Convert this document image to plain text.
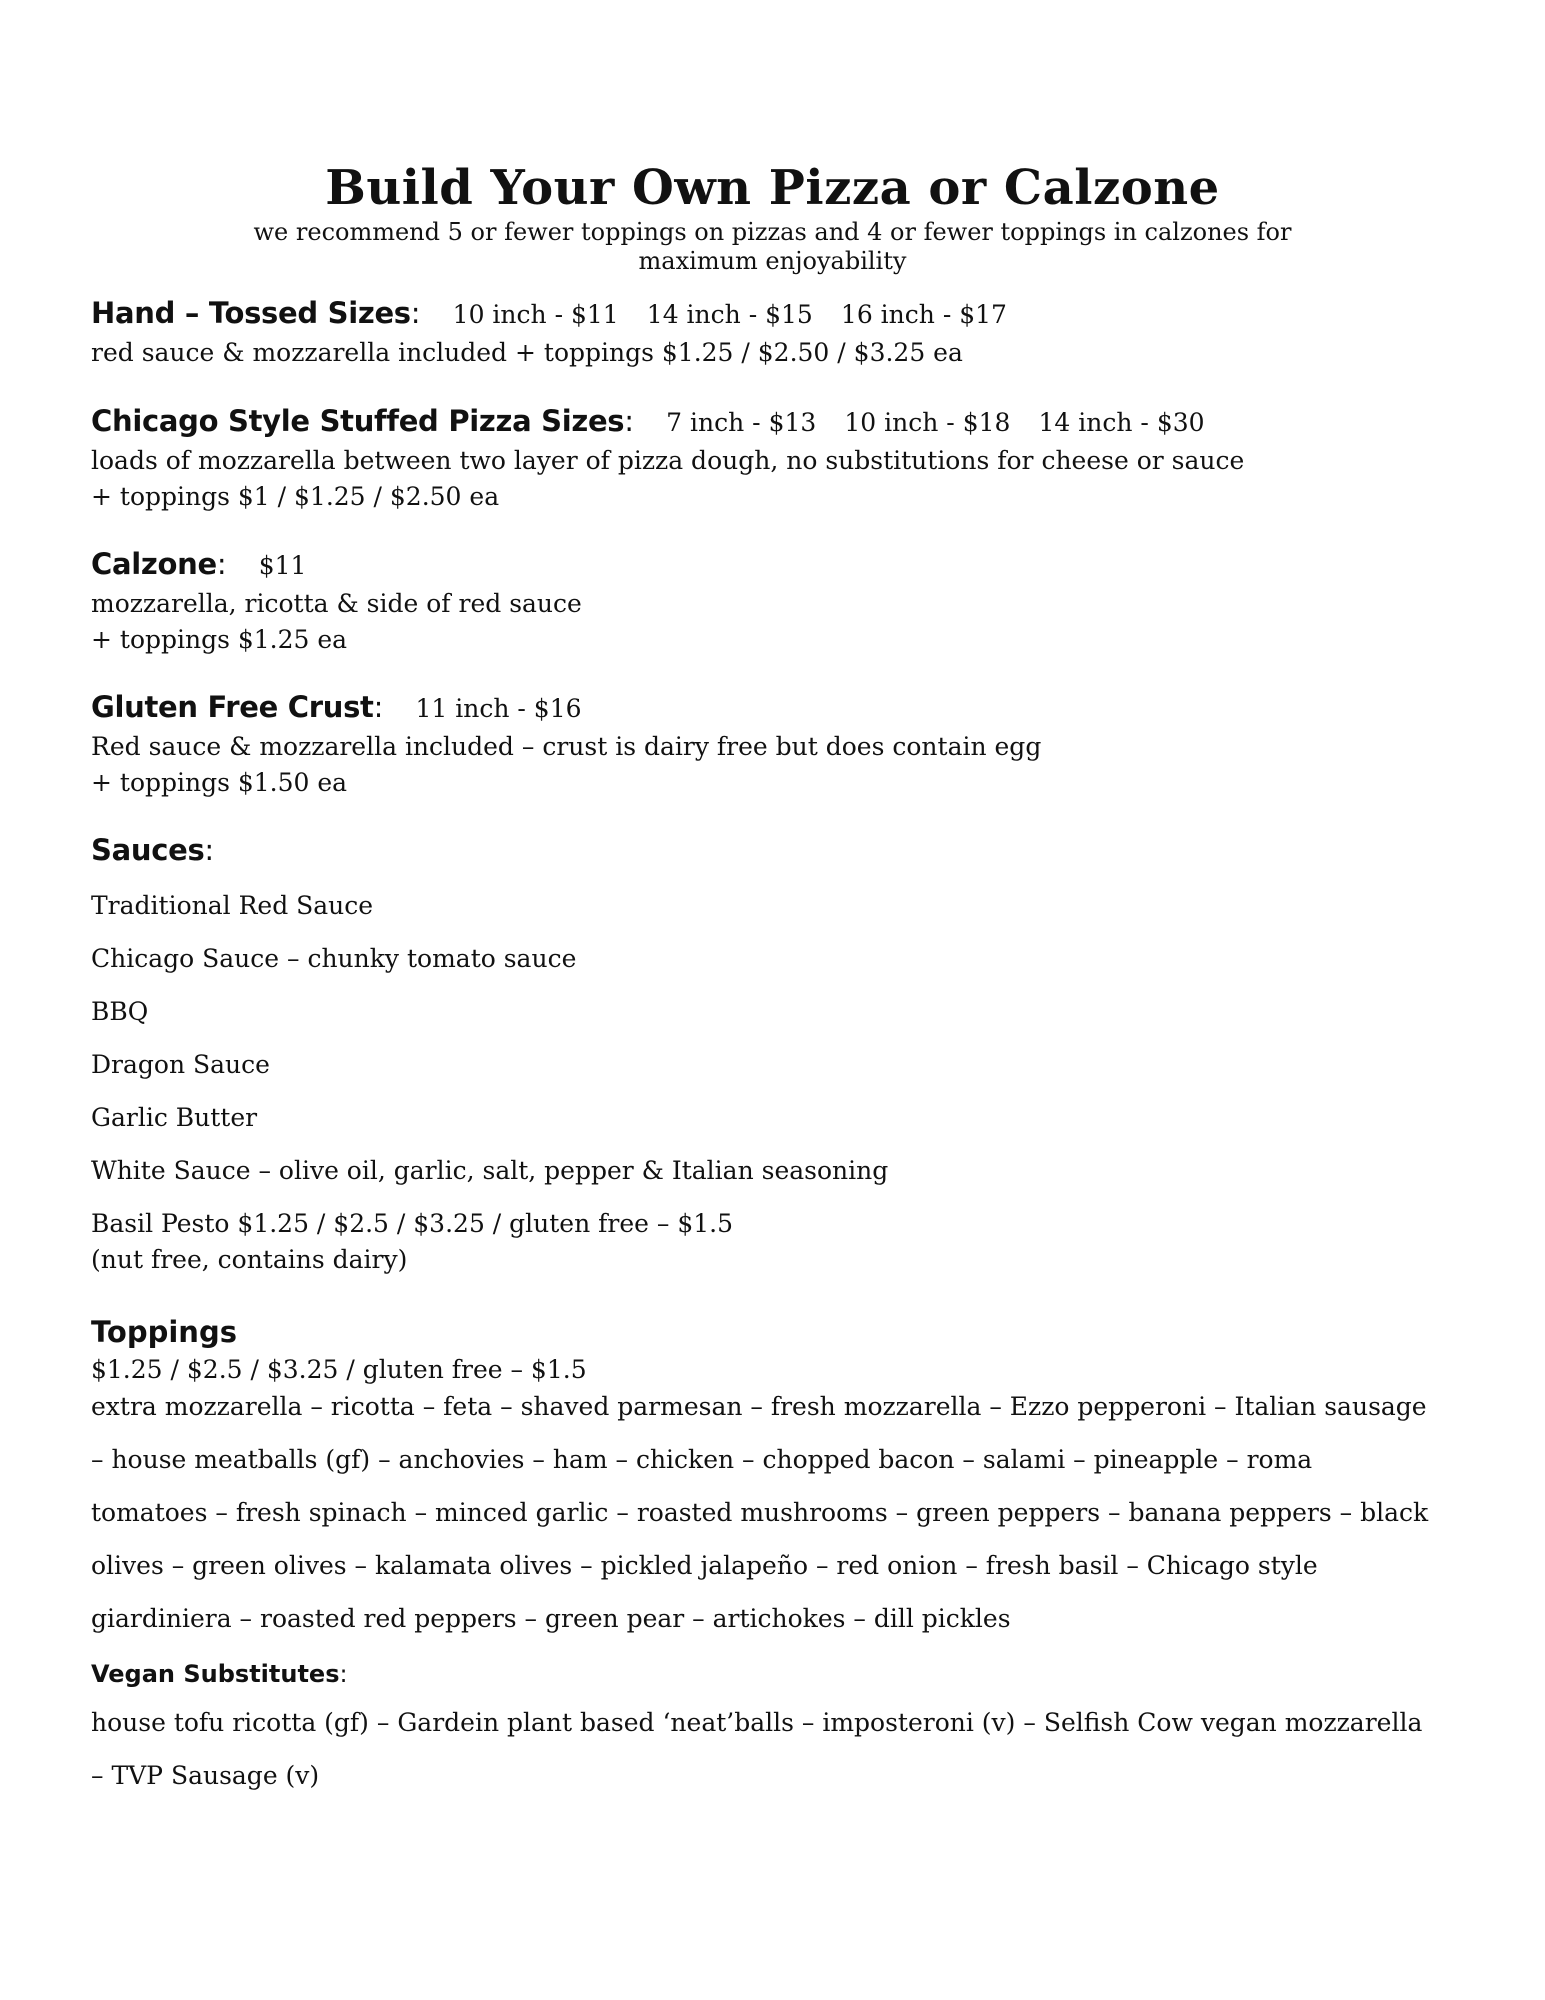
Build Your Own Pizza or Calzone
we recommend 5 or fewer toppings on pizzas and 4 or fewer toppings in calzones for maximum enjoyability
Hand – Tossed Sizes: 10 inch - $11 14 inch - $15 16 inch - $17
red sauce & mozzarella included + toppings $1.25 / $2.50 / $3.25 ea
Chicago Style Stuffed Pizza Sizes: 7 inch - $13 10 inch - $18 14 inch - $30
loads of mozzarella between two layer of pizza dough, no substitutions for cheese or sauce
+ toppings $1 / $1.25 / $2.50 ea
Calzone: $11
mozzarella, ricotta & side of red sauce
+ toppings $1.25 ea
Gluten Free Crust: 11 inch - $16
Red sauce & mozzarella included – crust is dairy free but does contain egg
+ toppings $1.50 ea
Sauces:
Traditional Red Sauce
Chicago Sauce – chunky tomato sauce
BBQ
Dragon Sauce
Garlic Butter
White Sauce – olive oil, garlic, salt, pepper & Italian seasoning
Basil Pesto $1.25 / $2.5 / $3.25 / gluten free – $1.5
(nut free, contains dairy)
Toppings
$1.25 / $2.5 / $3.25 / gluten free – $1.5
extra mozzarella – ricotta – feta – shaved parmesan – fresh mozzarella – Ezzo pepperoni – Italian sausage
– house meatballs (gf) – anchovies – ham – chicken – chopped bacon – salami – pineapple – roma
tomatoes – fresh spinach – minced garlic – roasted mushrooms – green peppers – banana peppers – black
olives – green olives – kalamata olives – pickled jalapeño – red onion – fresh basil – Chicago style
giardiniera – roasted red peppers – green pear – artichokes – dill pickles
Vegan Substitutes:
house tofu ricotta (gf) – Gardein plant based ‘neat’balls – imposteroni (v) – Selfish Cow vegan mozzarella
– TVP Sausage (v)
